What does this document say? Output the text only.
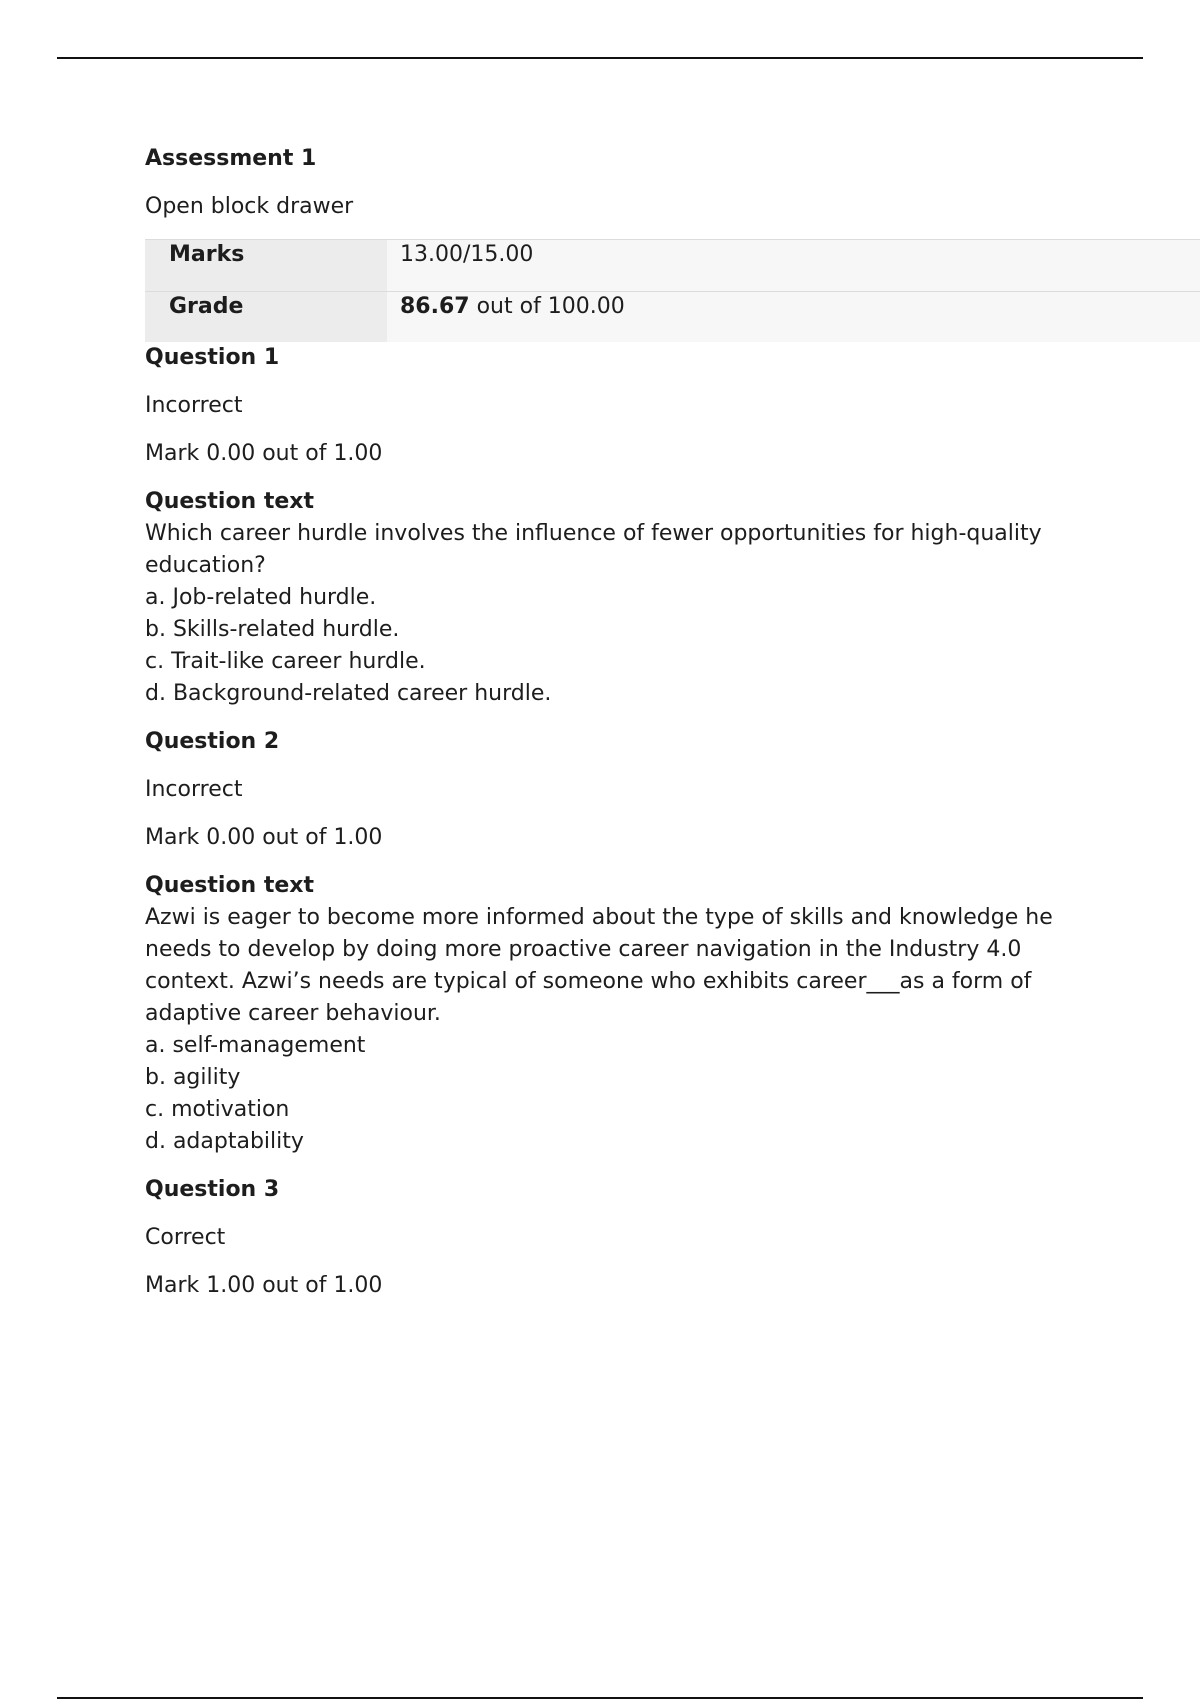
Assessment 1

Open block drawer

Marks	13.00/15.00
Grade	86.67 out of 100.00

Question 1

Incorrect

Mark 0.00 out of 1.00

Question text

Which career hurdle involves the influence of fewer opportunities for high-quality education?

a. Job-related hurdle.

b. Skills-related hurdle.

c. Trait-like career hurdle.

d. Background-related career hurdle.

Question 2

Incorrect

Mark 0.00 out of 1.00

Question text

Azwi is eager to become more informed about the type of skills and knowledge he needs to develop by doing more proactive career navigation in the Industry 4.0 context. Azwi’s needs are typical of someone who exhibits career___as a form of adaptive career behaviour.

a. self-management

b. agility

c. motivation

d. adaptability

Question 3

Correct

Mark 1.00 out of 1.00
